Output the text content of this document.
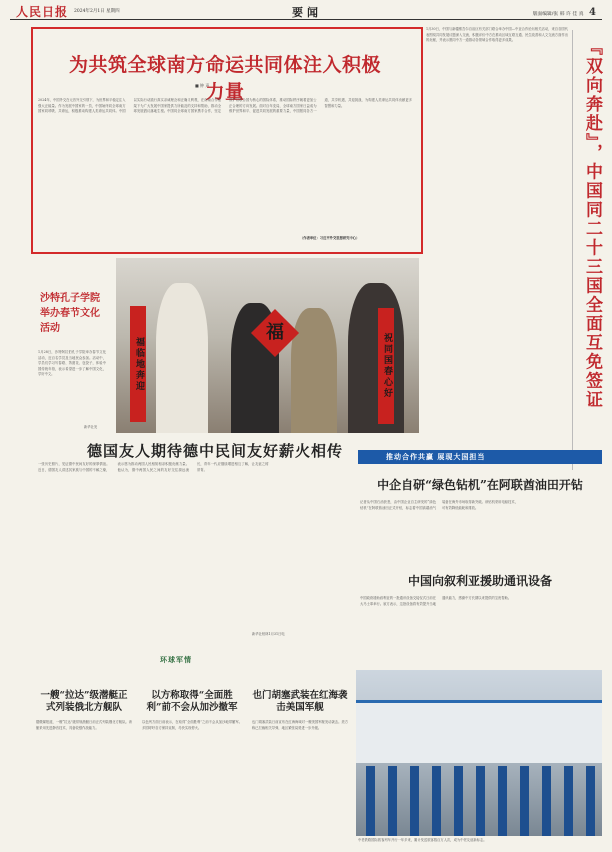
人民日报 2024年2月1日 星期四	要闻	版面编辑/张 韩 许 佳 真 4
为共筑全球南方命运共同体注入积极力量
■ 钟 声
2024年，中国外交在元首外交引领下，为世界和平稳定注入强大正能量。作为发展中国家的一员，中国始终同全球南方国家同呼吸、共命运，积极推动构建人类命运共同体。中国以实际行动践行真实亲诚理念和正确义利观，在南南合作框架下为广大发展中国家提供力所能及的支持和帮助，推动全球发展倡议落地生根。中国同全球南方国家携手合作，坚定维护以联合国为核心的国际体系，推动国际秩序朝着更加公正合理的方向发展。面对百年变局，全球南方国家日益成为维护世界和平、促进共同发展的重要力量，中国愿同各方一道，共享机遇，共迎挑战，为构建人类命运共同体贡献更多智慧和力量。
（作者单位：习近平外交思想研究中心）
1月30日，中国与新疆维吾尔自治区有关部门联合举办中国—中亚合作论坛相关活动，来自各国代表围绕共同发展议题深入交流，积极评价中方在推动区域互联互通、民生改善和人文交流方面作出的贡献，并表示愿同中方一道推动各领域合作取得更多成果。	『双向奔赴』，中国同二十三国全面互免签证
沙特孔子学院举办春节文化活动
1月28日，沙特阿拉伯孔子学院举办春节文化活动，近百名学员及当地民众参加。活动中，学员们学习写春联、剪窗花、包饺子，体验中国传统年俗，表示希望进一步了解中国文化，学好中文。
新华社发
福临地奔迎	祝同国春心好
福
德国友人期待德中民间友好薪火相传
一张历史照片，见证德中民间友好的深厚情谊。近日，德国友人讲述其家族与中国的不解之缘，表示愿为推动两国人民相知相亲积极贡献力量。他认为，德中两国人民之间的友好交往源远流长，青年一代应继续增进相互了解，让友谊之树常青。
新华社柏林1月31日电
推动合作共赢 展现大国担当
中企自研“绿色钻机”在阿联酋油田开钻
记者从中国石油获悉，由中国企业自主研发的“绿色钻机”在阿联酋油田正式开钻，标志着中国高端油气装备在海外市场取得新突破。该钻机采用电驱技术，可有效降低能耗和排放。
中国向叙利亚援助通讯设备
中国政府援助叙利亚的一批通讯设备交接仪式日前在大马士革举行。叙方表示，这批设备将有效提升当地通讯能力，感谢中方长期以来提供的宝贵帮助。
中老铁路国际旅客列车开行一年多来，累计发送旅客数百万人次，成为中老友谊新标志。
环球军情
一艘“拉达”级潜艇正式列装俄北方舰队
据俄媒报道，一艘“拉达”级常规潜艇日前正式列装俄北方舰队。该艇采用先进静音技术，具备较强作战能力。
以方称取得“全面胜利”前不会从加沙撤军
以色列方面日前表示，在取得“全面胜利”之前不会从加沙地带撤军。多国呼吁各方保持克制，尽快实现停火。
也门胡塞武装在红海袭击美国军舰
也门胡塞武装日前宣布在红海海域对一艘美国军舰发动袭击。美方称已拦截相关导弹，地区紧张局势进一步升级。
